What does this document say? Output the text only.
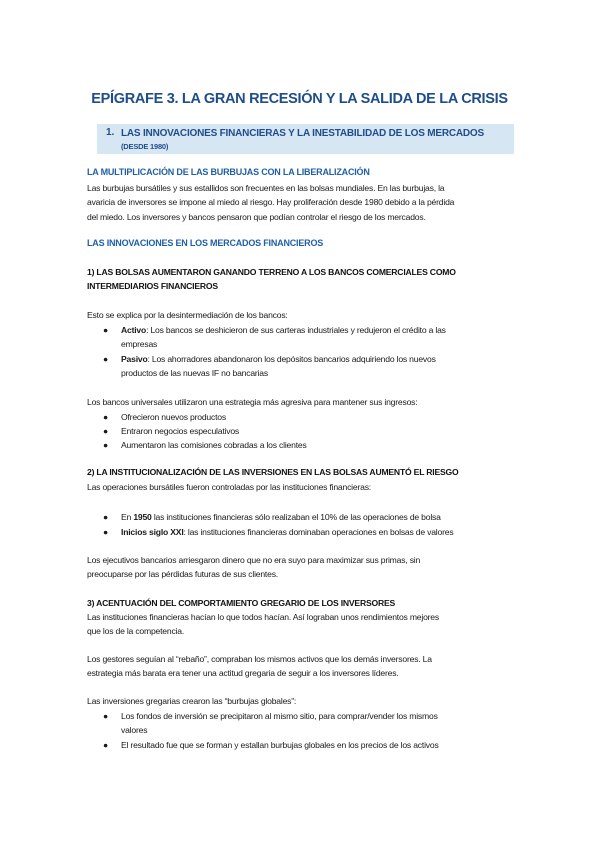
EPÍGRAFE 3. LA GRAN RECESIÓN Y LA SALIDA DE LA CRISIS
1. LAS INNOVACIONES FINANCIERAS Y LA INESTABILIDAD DE LOS MERCADOS
(DESDE 1980)
LA MULTIPLICACIÓN DE LAS BURBUJAS CON LA LIBERALIZACIÓN
Las burbujas bursátiles y sus estallidos son frecuentes en las bolsas mundiales. En las burbujas, la
avaricia de inversores se impone al miedo al riesgo. Hay proliferación desde 1980 debido a la pérdida
del miedo. Los inversores y bancos pensaron que podían controlar el riesgo de los mercados.
LAS INNOVACIONES EN LOS MERCADOS FINANCIEROS
1) LAS BOLSAS AUMENTARON GANANDO TERRENO A LOS BANCOS COMERCIALES COMO
INTERMEDIARIOS FINANCIEROS
Esto se explica por la desintermediación de los bancos:
●	Activo: Los bancos se deshicieron de sus carteras industriales y redujeron el crédito a las
empresas
●	Pasivo: Los ahorradores abandonaron los depósitos bancarios adquiriendo los nuevos
productos de las nuevas IF no bancarias
Los bancos universales utilizaron una estrategia más agresiva para mantener sus ingresos:
●	Ofrecieron nuevos productos
●	Entraron negocios especulativos
●	Aumentaron las comisiones cobradas a los clientes
2) LA INSTITUCIONALIZACIÓN DE LAS INVERSIONES EN LAS BOLSAS AUMENTÓ EL RIESGO
Las operaciones bursátiles fueron controladas por las instituciones financieras:
●	En 1950 las instituciones financieras sólo realizaban el 10% de las operaciones de bolsa
●	Inicios siglo XXI: las instituciones financieras dominaban operaciones en bolsas de valores
Los ejecutivos bancarios arriesgaron dinero que no era suyo para maximizar sus primas, sin
preocuparse por las pérdidas futuras de sus clientes.
3) ACENTUACIÓN DEL COMPORTAMIENTO GREGARIO DE LOS INVERSORES
Las instituciones financieras hacían lo que todos hacían. Así lograban unos rendimientos mejores
que los de la competencia.
Los gestores seguían al “rebaño”, compraban los mismos activos que los demás inversores. La
estrategia más barata era tener una actitud gregaria de seguir a los inversores líderes.
Las inversiones gregarias crearon las “burbujas globales”:
●	Los fondos de inversión se precipitaron al mismo sitio, para comprar/vender los mismos
valores
●	El resultado fue que se forman y estallan burbujas globales en los precios de los activos
